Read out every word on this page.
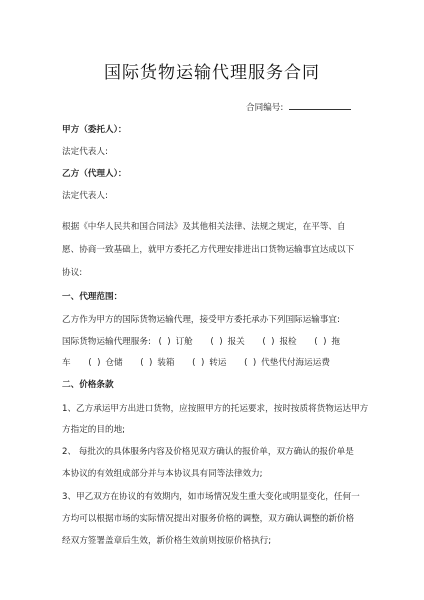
国际货物运输代理服务合同
合同编号:
甲方（委托人）：
法定代表人:
乙方（代理人）：
法定代表人:
根据《中华人民共和国合同法》及其他相关法律、法规之规定，在平等、自
愿、协商一致基础上，就甲方委托乙方代理安排进出口货物运输事宜达成以下
协议:
一、代理范围：
乙方作为甲方的国际货物运输代理，接受甲方委托承办下列国际运输事宜:
国际货物运输代理服务: (  ) 订舱 (  ) 报关 (  ) 报检 (  ) 拖
车 (  ) 仓储 (  ) 装箱 (  ) 转运 (  ) 代垫代付海运运费
二、价格条款
1、乙方承运甲方出进口货物，应按照甲方的托运要求，按时按质将货物运达甲方
方指定的目的地;
2、 每批次的具体服务内容及价格见双方确认的报价单，双方确认的报价单是
本协议的有效组成部分并与本协议具有同等法律效力;
3、甲乙双方在协议的有效期内，如市场情况发生重大变化或明显变化，任何一
方均可以根据市场的实际情况提出对服务价格的调整，双方确认调整的新价格
经双方签署盖章后生效，新价格生效前则按原价格执行;
